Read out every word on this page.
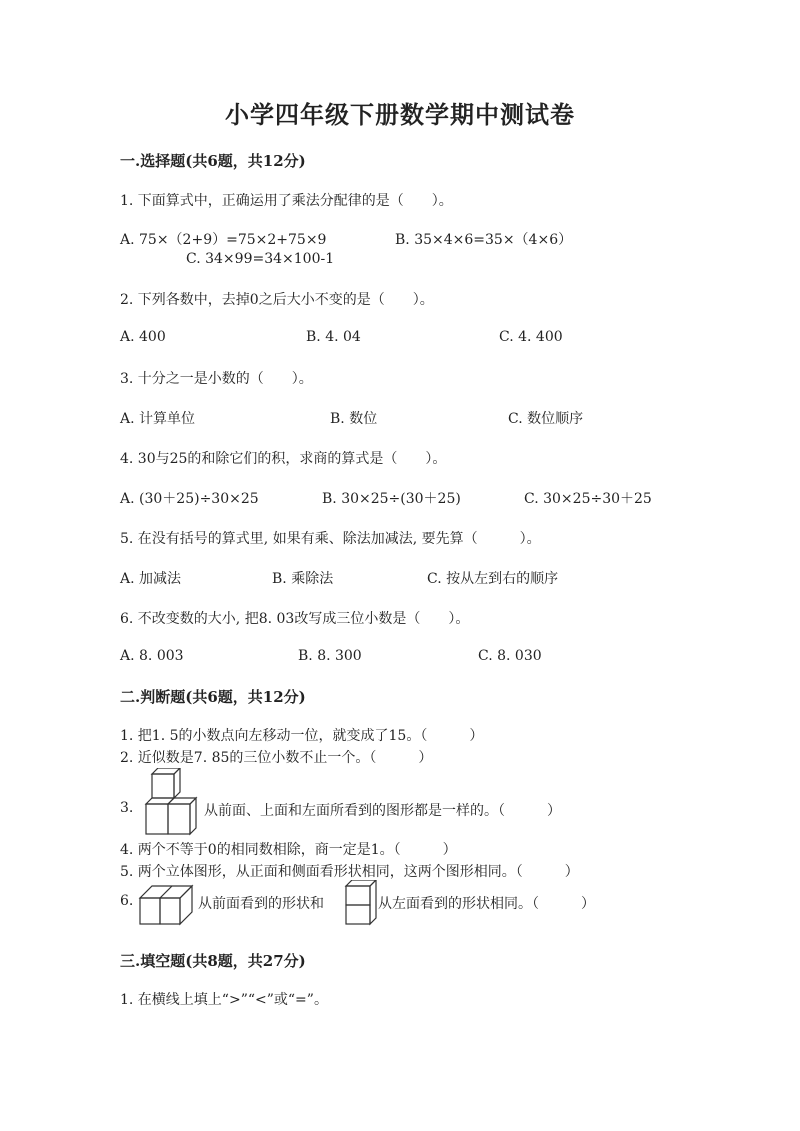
小学四年级下册数学期中测试卷
一.选择题(共6题，共12分)
1. 下面算式中，正确运用了乘法分配律的是（　　）。
A. 75×（2+9）=75×2+75×9	B. 35×4×6=35×（4×6）
C. 34×99=34×100-1
2. 下列各数中，去掉0之后大小不变的是（　　）。
A. 400	B. 4. 04	C. 4. 400
3. 十分之一是小数的（　　）。
A. 计算单位	B. 数位	C. 数位顺序
4. 30与25的和除它们的积，求商的算式是（　　）。
A. (30＋25)÷30×25	B. 30×25÷(30＋25)	C. 30×25÷30＋25
5. 在没有括号的算式里, 如果有乘、除法加减法, 要先算（　　　）。
A. 加减法	B. 乘除法	C. 按从左到右的顺序
6. 不改变数的大小, 把8. 03改写成三位小数是（　　）。
A. 8. 003	B. 8. 300	C. 8. 030
二.判断题(共6题，共12分)
1. 把1. 5的小数点向左移动一位，就变成了15。（　　　）
2. 近似数是7. 85的三位小数不止一个。（　　　）
3.	从前面、上面和左面所看到的图形都是一样的。（　　　）
4. 两个不等于0的相同数相除，商一定是1。（　　　）
5. 两个立体图形，从正面和侧面看形状相同，这两个图形相同。（　　　）
6.	从前面看到的形状和	从左面看到的形状相同。（　　　）
三.填空题(共8题，共27分)
1. 在横线上填上“>”“<”或“=”。
